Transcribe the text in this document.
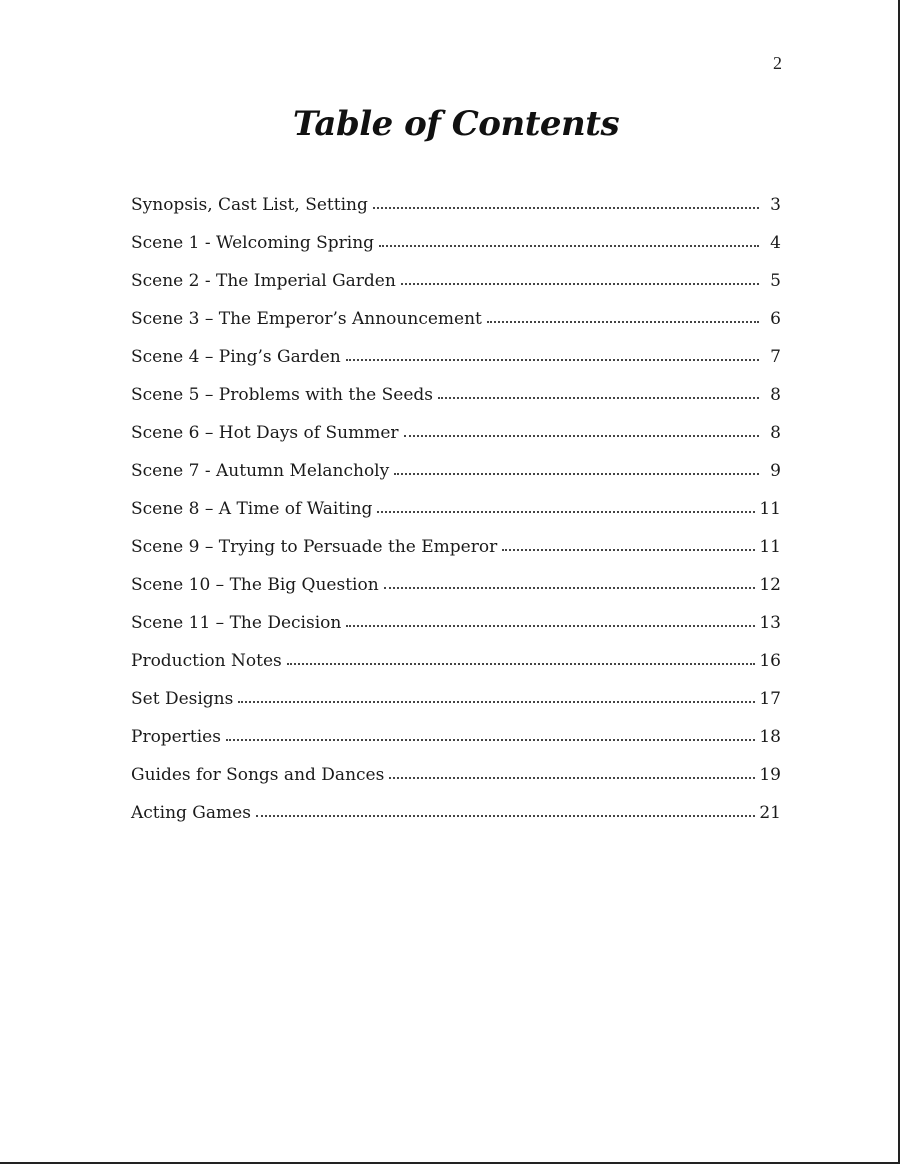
2
Table of Contents
Synopsis, Cast List, Setting	3
Scene 1 - Welcoming Spring	4
Scene 2 - The Imperial Garden	5
Scene 3 – The Emperor’s Announcement	6
Scene 4 – Ping’s Garden	7
Scene 5 – Problems with the Seeds	8
Scene 6 – Hot Days of Summer	8
Scene 7 - Autumn Melancholy	9
Scene 8 – A Time of Waiting	11
Scene 9 – Trying to Persuade the Emperor	11
Scene 10 – The Big Question	12
Scene 11 – The Decision	13
Production Notes	16
Set Designs	17
Properties	18
Guides for Songs and Dances	19
Acting Games	21
